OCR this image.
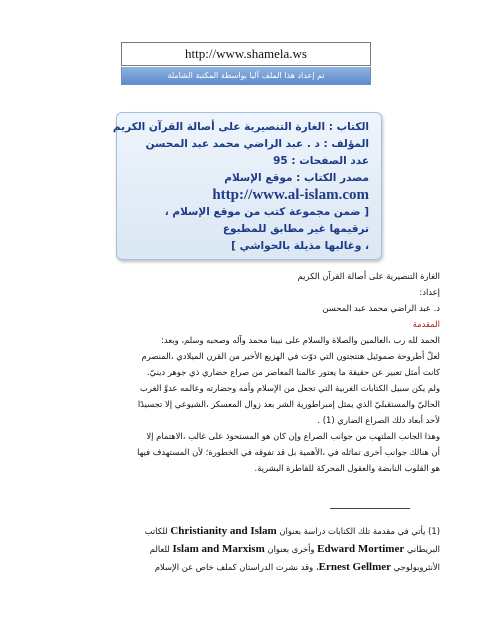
http://www.shamela.ws
تم إعداد هذا الملف آليا بواسطة المكتبة الشاملة
الكتاب : الغارة التنصيرية على أصالة القرآن الكريم
المؤلف : د . عبد الراضي محمد عبد المحسن
عدد الصفحات : 95
مصدر الكتاب : موقع الإسلام
http://www.al-islam.com
[ ضمن مجموعة كتب من موقع الإسلام ، ترقيمها غير مطابق للمطبوع
، وغالبها مذيلة بالحواشي ]

الغارة التنصيرية على أصالة القرآن الكريم

إعداد:

د. عبد الراضي محمد عبد المحسن

المقدمة

الحمد لله رب ،العالمين والصلاة والسلام على نبينا محمد وآله وصحبه وسلم، وبعد:

لعلّ أطروحة صموئيل هنتجتون التي دوّت في الهزيع الأخير من القرن الميلادي ،المنصرم

كانت أمثل تعبير عن حقيقة ما يعتور عالمنا المعاصر من صراع حضاري ذي جوهر دينيّ.

ولم يكن سبيل الكتابات الغربية التي تجعل من الإسلام وأمه وحضارته وعالمه عدوَّ الغرب

الحاليّ والمستقبليّ الذي يمثل إمبراطورية الشر بعد زوال المعسكر ،الشيوعي إلا تجسيدًا

لأحد أبعاد ذلك الصراع الضاري (1) .

وهذا الجانب الملتهب من جوانب الصراع وإن كان هو المستحوذ على غالب ،الاهتمام إلا

أن هنالك جوانب أخرى تماثله في ،الأهمية بل قد تفوقه في الخطورة؛ لأن المستهدف فيها

هو القلوب النابضة والعقول المحركة للقاطرة البشرية.

(1) يأتي في مقدمة تلك الكتابات دراسة بعنوان Christianity and Islam للكاتب

البريطاني Edward Mortimer وأخرى بعنوان Islam and Marxism للعالم

الأنثروبولوجي Ernest Gellmer، وقد نشرت الدراستان كملف خاص عن الإسلام
